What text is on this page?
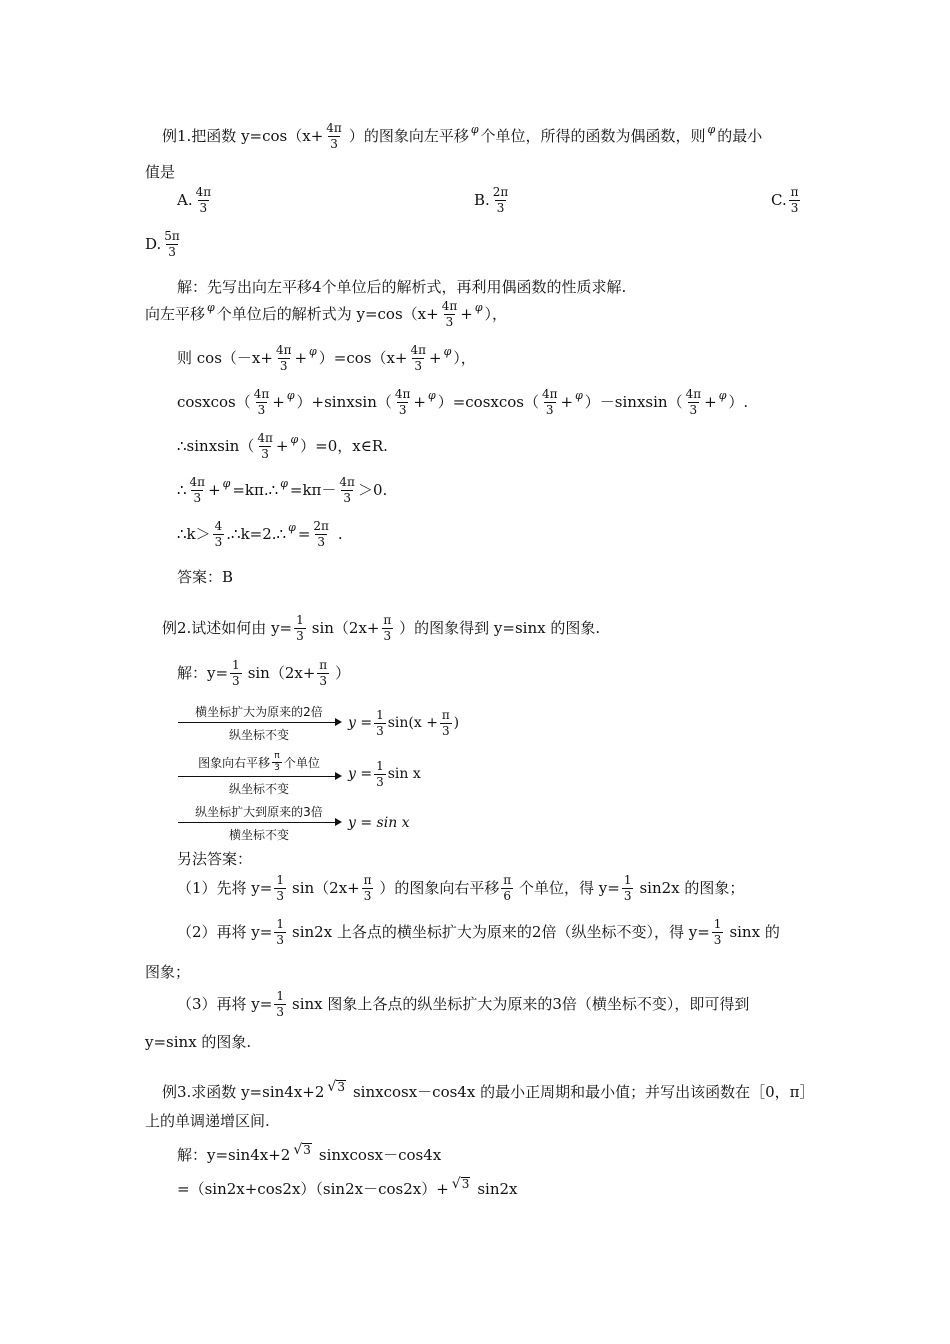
例1.把函数 $y=\cos(x+ \frac{4\pi}{3}$ ）的图象向左平移 φ 个单位，所得的函数为偶函数，则 φ 的最小
值是
A. $\frac{4\pi}{3}$	B. $\frac{2\pi}{3}$	C. $\frac{\pi}{3}$
D. $\frac{5\pi}{3}$
解：先写出向左平移4个单位后的解析式，再利用偶函数的性质求解.
向左平移 φ 个单位后的解析式为 $y=\cos(x+ \frac{4\pi}{3} + \varphi$ ），
则 $\cos(-x+ \frac{4\pi}{3} + \varphi$ ）$=\cos(x+ \frac{4\pi}{3} + \varphi$ ），
cosxcos（ $\frac{4\pi}{3} + \varphi$ ）+sinxsin（ $\frac{4\pi}{3} + \varphi$ ）=cosxcos（ $\frac{4\pi}{3} + \varphi$ ）－sinxsin（ $\frac{4\pi}{3} + \varphi$ ）.
∴sinxsin（ $\frac{4\pi}{3} + \varphi$ ）=0，x∈R.
∴ $\frac{4\pi}{3} + \varphi$ =kπ.∴ $\varphi =k\pi- \frac{4\pi}{3} >0$.
∴k＞ $\frac{4}{3}$ .∴k=2.∴ $\varphi = \frac{2\pi}{3}$ .
答案：B
例2.试述如何由 $y= \frac{1}{3} \sin(2x+ \frac{\pi}{3}$ ）的图象得到 y=sinx 的图象.
解：$y= \frac{1}{3} \sin(2x+ \frac{\pi}{3}$ ）
横坐标扩大为原来的2倍
纵坐标不变
$y = \frac{1}{3} \sin(x + \frac{\pi}{3}$ )
图象向右平移 $\frac{\pi}{3}$ 个单位
纵坐标不变
$y = \frac{1}{3}$ sin x
纵坐标扩大到原来的3倍
横坐标不变
y = sin x
另法答案：
（1）先将 $y= \frac{1}{3} \sin(2x+ \frac{\pi}{3}$ ）的图象向右平移 $\frac{\pi}{6}$ 个单位，得 $y= \frac{1}{3} \sin 2x$ 的图象；
（2）再将 $y= \frac{1}{3} \sin 2x$ 上各点的横坐标扩大为原来的2倍（纵坐标不变），得 $y= \frac{1}{3}$ sinx 的
图象；
（3）再将 $y= \frac{1}{3}$ sinx 图象上各点的纵坐标扩大为原来的3倍（横坐标不变），即可得到
y=sinx 的图象.
例3.求函数 y=sin4x+2 √ 3 sinxcosx－cos4x 的最小正周期和最小值；并写出该函数在［0，π］
上的单调递增区间.
解：y=sin4x+2 √ 3 sinxcosx－cos4x
=（sin2x+cos2x）（sin2x－cos2x）+ √ 3 sin2x
